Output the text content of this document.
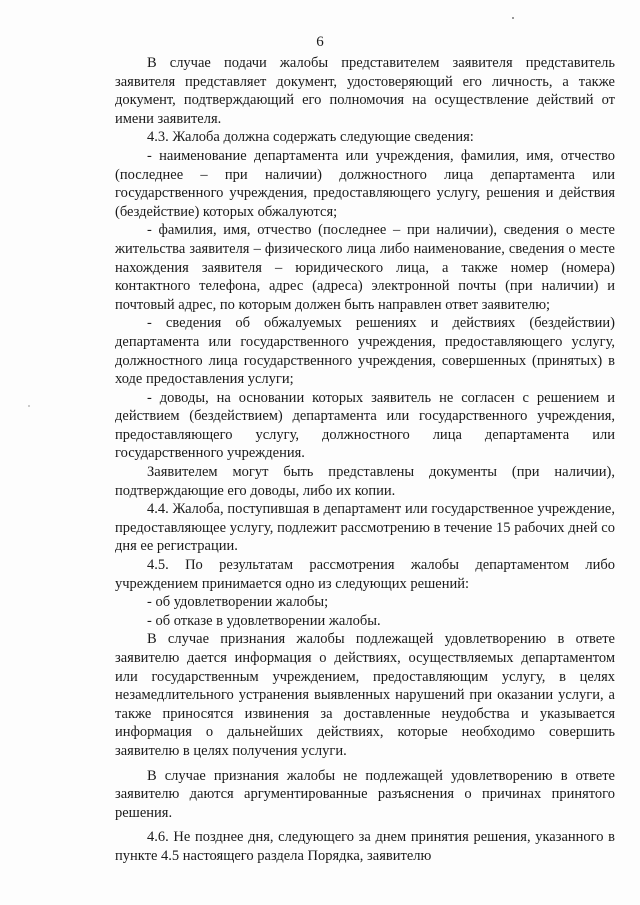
6

В случае подачи жалобы представителем заявителя представитель заявителя представляет документ, удостоверяющий его личность, а также документ, подтверждающий его полномочия на осуществление действий от имени заявителя.

4.3. Жалоба должна содержать следующие сведения:

- наименование департамента или учреждения, фамилия, имя, отчество (последнее – при наличии) должностного лица департамента или государственного учреждения, предоставляющего услугу, решения и действия (бездействие) которых обжалуются;

- фамилия, имя, отчество (последнее – при наличии), сведения о месте жительства заявителя – физического лица либо наименование, сведения о месте нахождения заявителя – юридического лица, а также номер (номера) контактного телефона, адрес (адреса) электронной почты (при наличии) и почтовый адрес, по которым должен быть направлен ответ заявителю;

- сведения об обжалуемых решениях и действиях (бездействии) департамента или государственного учреждения, предоставляющего услугу, должностного лица государственного учреждения, совершенных (принятых) в ходе предоставления услуги;

- доводы, на основании которых заявитель не согласен с решением и действием (бездействием) департамента или государственного учреждения, предоставляющего услугу, должностного лица департамента или государственного учреждения.

Заявителем могут быть представлены документы (при наличии), подтверждающие его доводы, либо их копии.

4.4. Жалоба, поступившая в департамент или государственное учреждение, предоставляющее услугу, подлежит рассмотрению в течение 15 рабочих дней со дня ее регистрации.

4.5. По результатам рассмотрения жалобы департаментом либо учреждением принимается одно из следующих решений:

- об удовлетворении жалобы;

- об отказе в удовлетворении жалобы.

В случае признания жалобы подлежащей удовлетворению в ответе заявителю дается информация о действиях, осуществляемых департаментом или государственным учреждением, предоставляющим услугу, в целях незамедлительного устранения выявленных нарушений при оказании услуги, а также приносятся извинения за доставленные неудобства и указывается информация о дальнейших действиях, которые необходимо совершить заявителю в целях получения услуги.

В случае признания жалобы не подлежащей удовлетворению в ответе заявителю даются аргументированные разъяснения о причинах принятого решения.

4.6. Не позднее дня, следующего за днем принятия решения, указанного в пункте 4.5 настоящего раздела Порядка, заявителю
